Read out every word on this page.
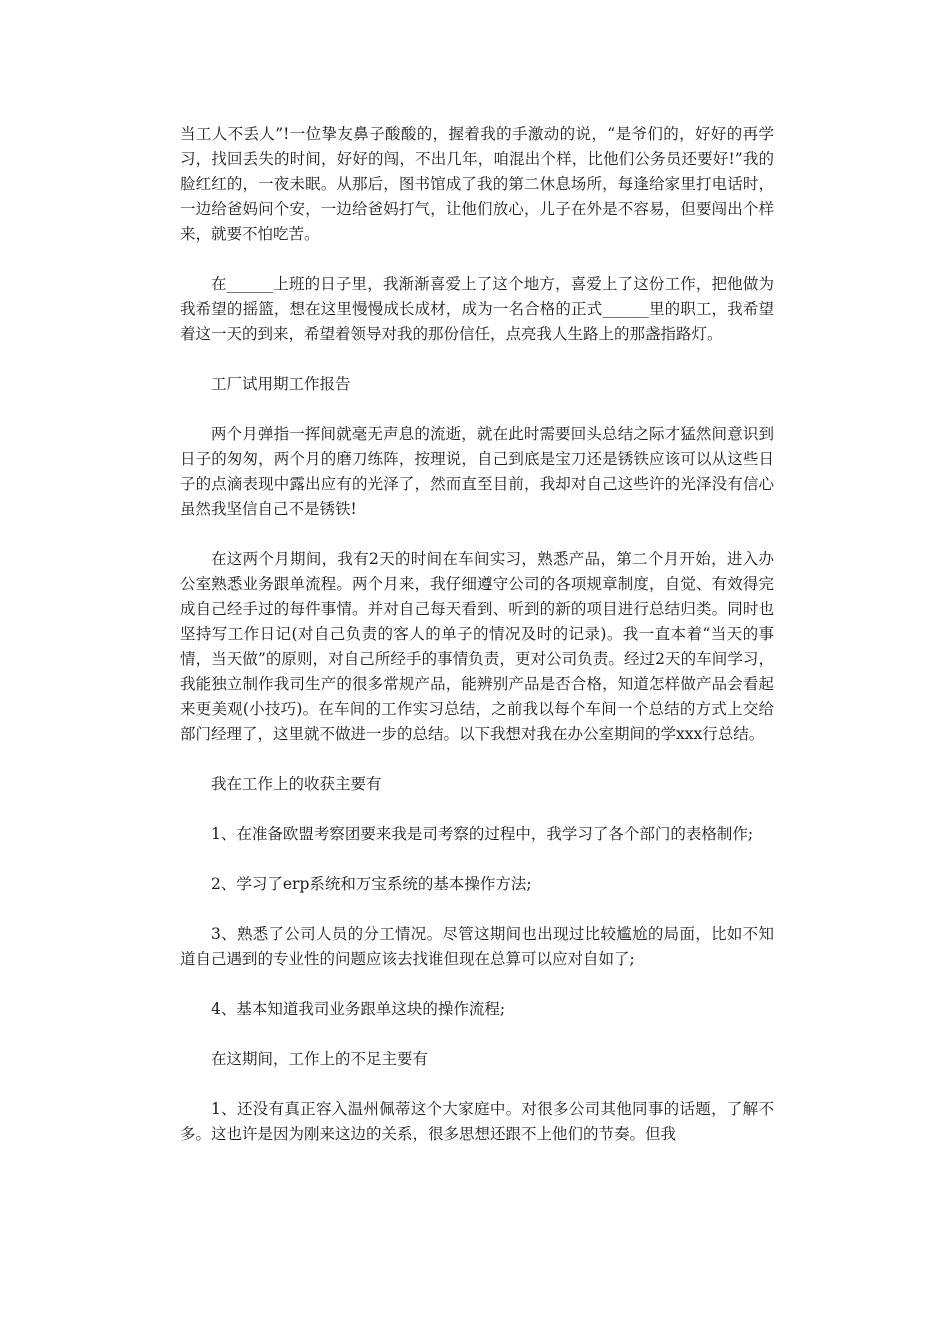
当工人不丢人”!一位挚友鼻子酸酸的，握着我的手激动的说，“是爷们的，好好的再学习，找回丢失的时间，好好的闯，不出几年，咱混出个样，比他们公务员还要好!”我的脸红红的，一夜未眠。从那后，图书馆成了我的第二休息场所，每逢给家里打电话时，一边给爸妈问个安，一边给爸妈打气，让他们放心，儿子在外是不容易，但要闯出个样来，就要不怕吃苦。

在______上班的日子里，我渐渐喜爱上了这个地方，喜爱上了这份工作，把他做为我希望的摇篮，想在这里慢慢成长成材，成为一名合格的正式______里的职工，我希望着这一天的到来，希望着领导对我的那份信任，点亮我人生路上的那盏指路灯。

工厂试用期工作报告

两个月弹指一挥间就毫无声息的流逝，就在此时需要回头总结之际才猛然间意识到日子的匆匆，两个月的磨刀练阵，按理说，自己到底是宝刀还是锈铁应该可以从这些日子的点滴表现中露出应有的光泽了，然而直至目前，我却对自己这些许的光泽没有信心虽然我坚信自己不是锈铁!

在这两个月期间，我有2天的时间在车间实习，熟悉产品，第二个月开始，进入办公室熟悉业务跟单流程。两个月来，我仔细遵守公司的各项规章制度，自觉、有效得完成自己经手过的每件事情。并对自己每天看到、听到的新的项目进行总结归类。同时也坚持写工作日记(对自己负责的客人的单子的情况及时的记录)。我一直本着“当天的事情，当天做”的原则，对自己所经手的事情负责，更对公司负责。经过2天的车间学习，我能独立制作我司生产的很多常规产品，能辨别产品是否合格，知道怎样做产品会看起来更美观(小技巧)。在车间的工作实习总结，之前我以每个车间一个总结的方式上交给部门经理了，这里就不做进一步的总结。以下我想对我在办公室期间的学xxx行总结。

我在工作上的收获主要有

1、在准备欧盟考察团要来我是司考察的过程中，我学习了各个部门的表格制作;

2、学习了erp系统和万宝系统的基本操作方法;

3、熟悉了公司人员的分工情况。尽管这期间也出现过比较尴尬的局面，比如不知道自己遇到的专业性的问题应该去找谁但现在总算可以应对自如了;

4、基本知道我司业务跟单这块的操作流程;

在这期间，工作上的不足主要有

1、还没有真正容入温州佩蒂这个大家庭中。对很多公司其他同事的话题，了解不多。这也许是因为刚来这边的关系，很多思想还跟不上他们的节奏。但我
